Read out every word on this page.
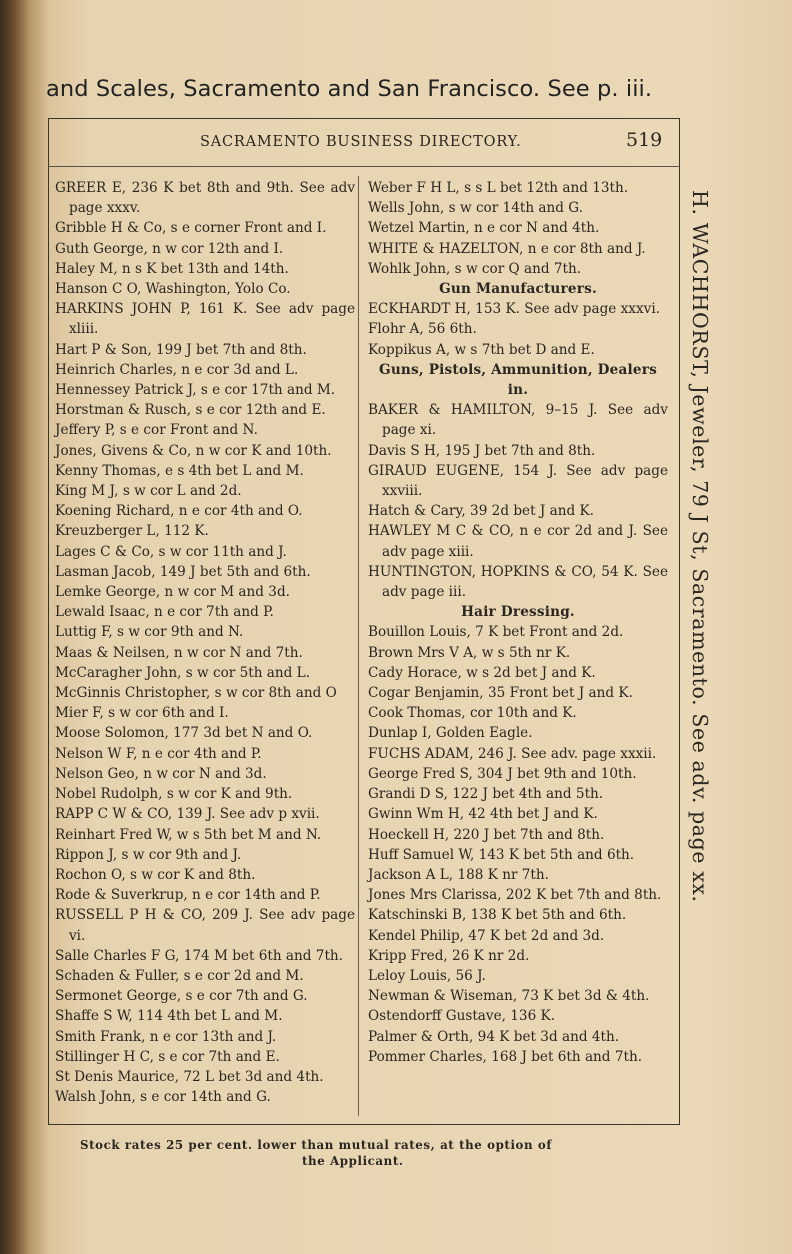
and Scales, Sacramento and San Francisco. See p. iii.
SACRAMENTO BUSINESS DIRECTORY.	519
GREER E, 236 K bet 8th and 9th. See adv page xxxv.
Gribble H & Co, s e corner Front and I.
Guth George, n w cor 12th and I.
Haley M, n s K bet 13th and 14th.
Hanson C O, Washington, Yolo Co.
HARKINS JOHN P, 161 K. See adv page xliii.
Hart P & Son, 199 J bet 7th and 8th.
Heinrich Charles, n e cor 3d and L.
Hennessey Patrick J, s e cor 17th and M.
Horstman & Rusch, s e cor 12th and E.
Jeffery P, s e cor Front and N.
Jones, Givens & Co, n w cor K and 10th.
Kenny Thomas, e s 4th bet L and M.
King M J, s w cor L and 2d.
Koening Richard, n e cor 4th and O.
Kreuzberger L, 112 K.
Lages C & Co, s w cor 11th and J.
Lasman Jacob, 149 J bet 5th and 6th.
Lemke George, n w cor M and 3d.
Lewald Isaac, n e cor 7th and P.
Luttig F, s w cor 9th and N.
Maas & Neilsen, n w cor N and 7th.
McCaragher John, s w cor 5th and L.
McGinnis Christopher, s w cor 8th and O
Mier F, s w cor 6th and I.
Moose Solomon, 177 3d bet N and O.
Nelson W F, n e cor 4th and P.
Nelson Geo, n w cor N and 3d.
Nobel Rudolph, s w cor K and 9th.
RAPP C W & CO, 139 J. See adv p xvii.
Reinhart Fred W, w s 5th bet M and N.
Rippon J, s w cor 9th and J.
Rochon O, s w cor K and 8th.
Rode & Suverkrup, n e cor 14th and P.
RUSSELL P H & CO, 209 J. See adv page vi.
Salle Charles F G, 174 M bet 6th and 7th.
Schaden & Fuller, s e cor 2d and M.
Sermonet George, s e cor 7th and G.
Shaffe S W, 114 4th bet L and M.
Smith Frank, n e cor 13th and J.
Stillinger H C, s e cor 7th and E.
St Denis Maurice, 72 L bet 3d and 4th.
Walsh John, s e cor 14th and G.
Weber F H L, s s L bet 12th and 13th.
Wells John, s w cor 14th and G.
Wetzel Martin, n e cor N and 4th.
WHITE & HAZELTON, n e cor 8th and J.
Wohlk John, s w cor Q and 7th.
Gun Manufacturers.
ECKHARDT H, 153 K. See adv page xxxvi.
Flohr A, 56 6th.
Koppikus A, w s 7th bet D and E.
Guns, Pistols, Ammunition, Dealers in.
BAKER & HAMILTON, 9–15 J. See adv page xi.
Davis S H, 195 J bet 7th and 8th.
GIRAUD EUGENE, 154 J. See adv page xxviii.
Hatch & Cary, 39 2d bet J and K.
HAWLEY M C & CO, n e cor 2d and J. See adv page xiii.
HUNTINGTON, HOPKINS & CO, 54 K. See adv page iii.
Hair Dressing.
Bouillon Louis, 7 K bet Front and 2d.
Brown Mrs V A, w s 5th nr K.
Cady Horace, w s 2d bet J and K.
Cogar Benjamin, 35 Front bet J and K.
Cook Thomas, cor 10th and K.
Dunlap I, Golden Eagle.
FUCHS ADAM, 246 J. See adv. page xxxii.
George Fred S, 304 J bet 9th and 10th.
Grandi D S, 122 J bet 4th and 5th.
Gwinn Wm H, 42 4th bet J and K.
Hoeckell H, 220 J bet 7th and 8th.
Huff Samuel W, 143 K bet 5th and 6th.
Jackson A L, 188 K nr 7th.
Jones Mrs Clarissa, 202 K bet 7th and 8th.
Katschinski B, 138 K bet 5th and 6th.
Kendel Philip, 47 K bet 2d and 3d.
Kripp Fred, 26 K nr 2d.
Leloy Louis, 56 J.
Newman & Wiseman, 73 K bet 3d & 4th.
Ostendorff Gustave, 136 K.
Palmer & Orth, 94 K bet 3d and 4th.
Pommer Charles, 168 J bet 6th and 7th.
H. WACHHORST, Jeweler, 79 J St, Sacramento. See adv. page xx.
Stock rates 25 per cent. lower than mutual rates, at the option of
the Applicant.
